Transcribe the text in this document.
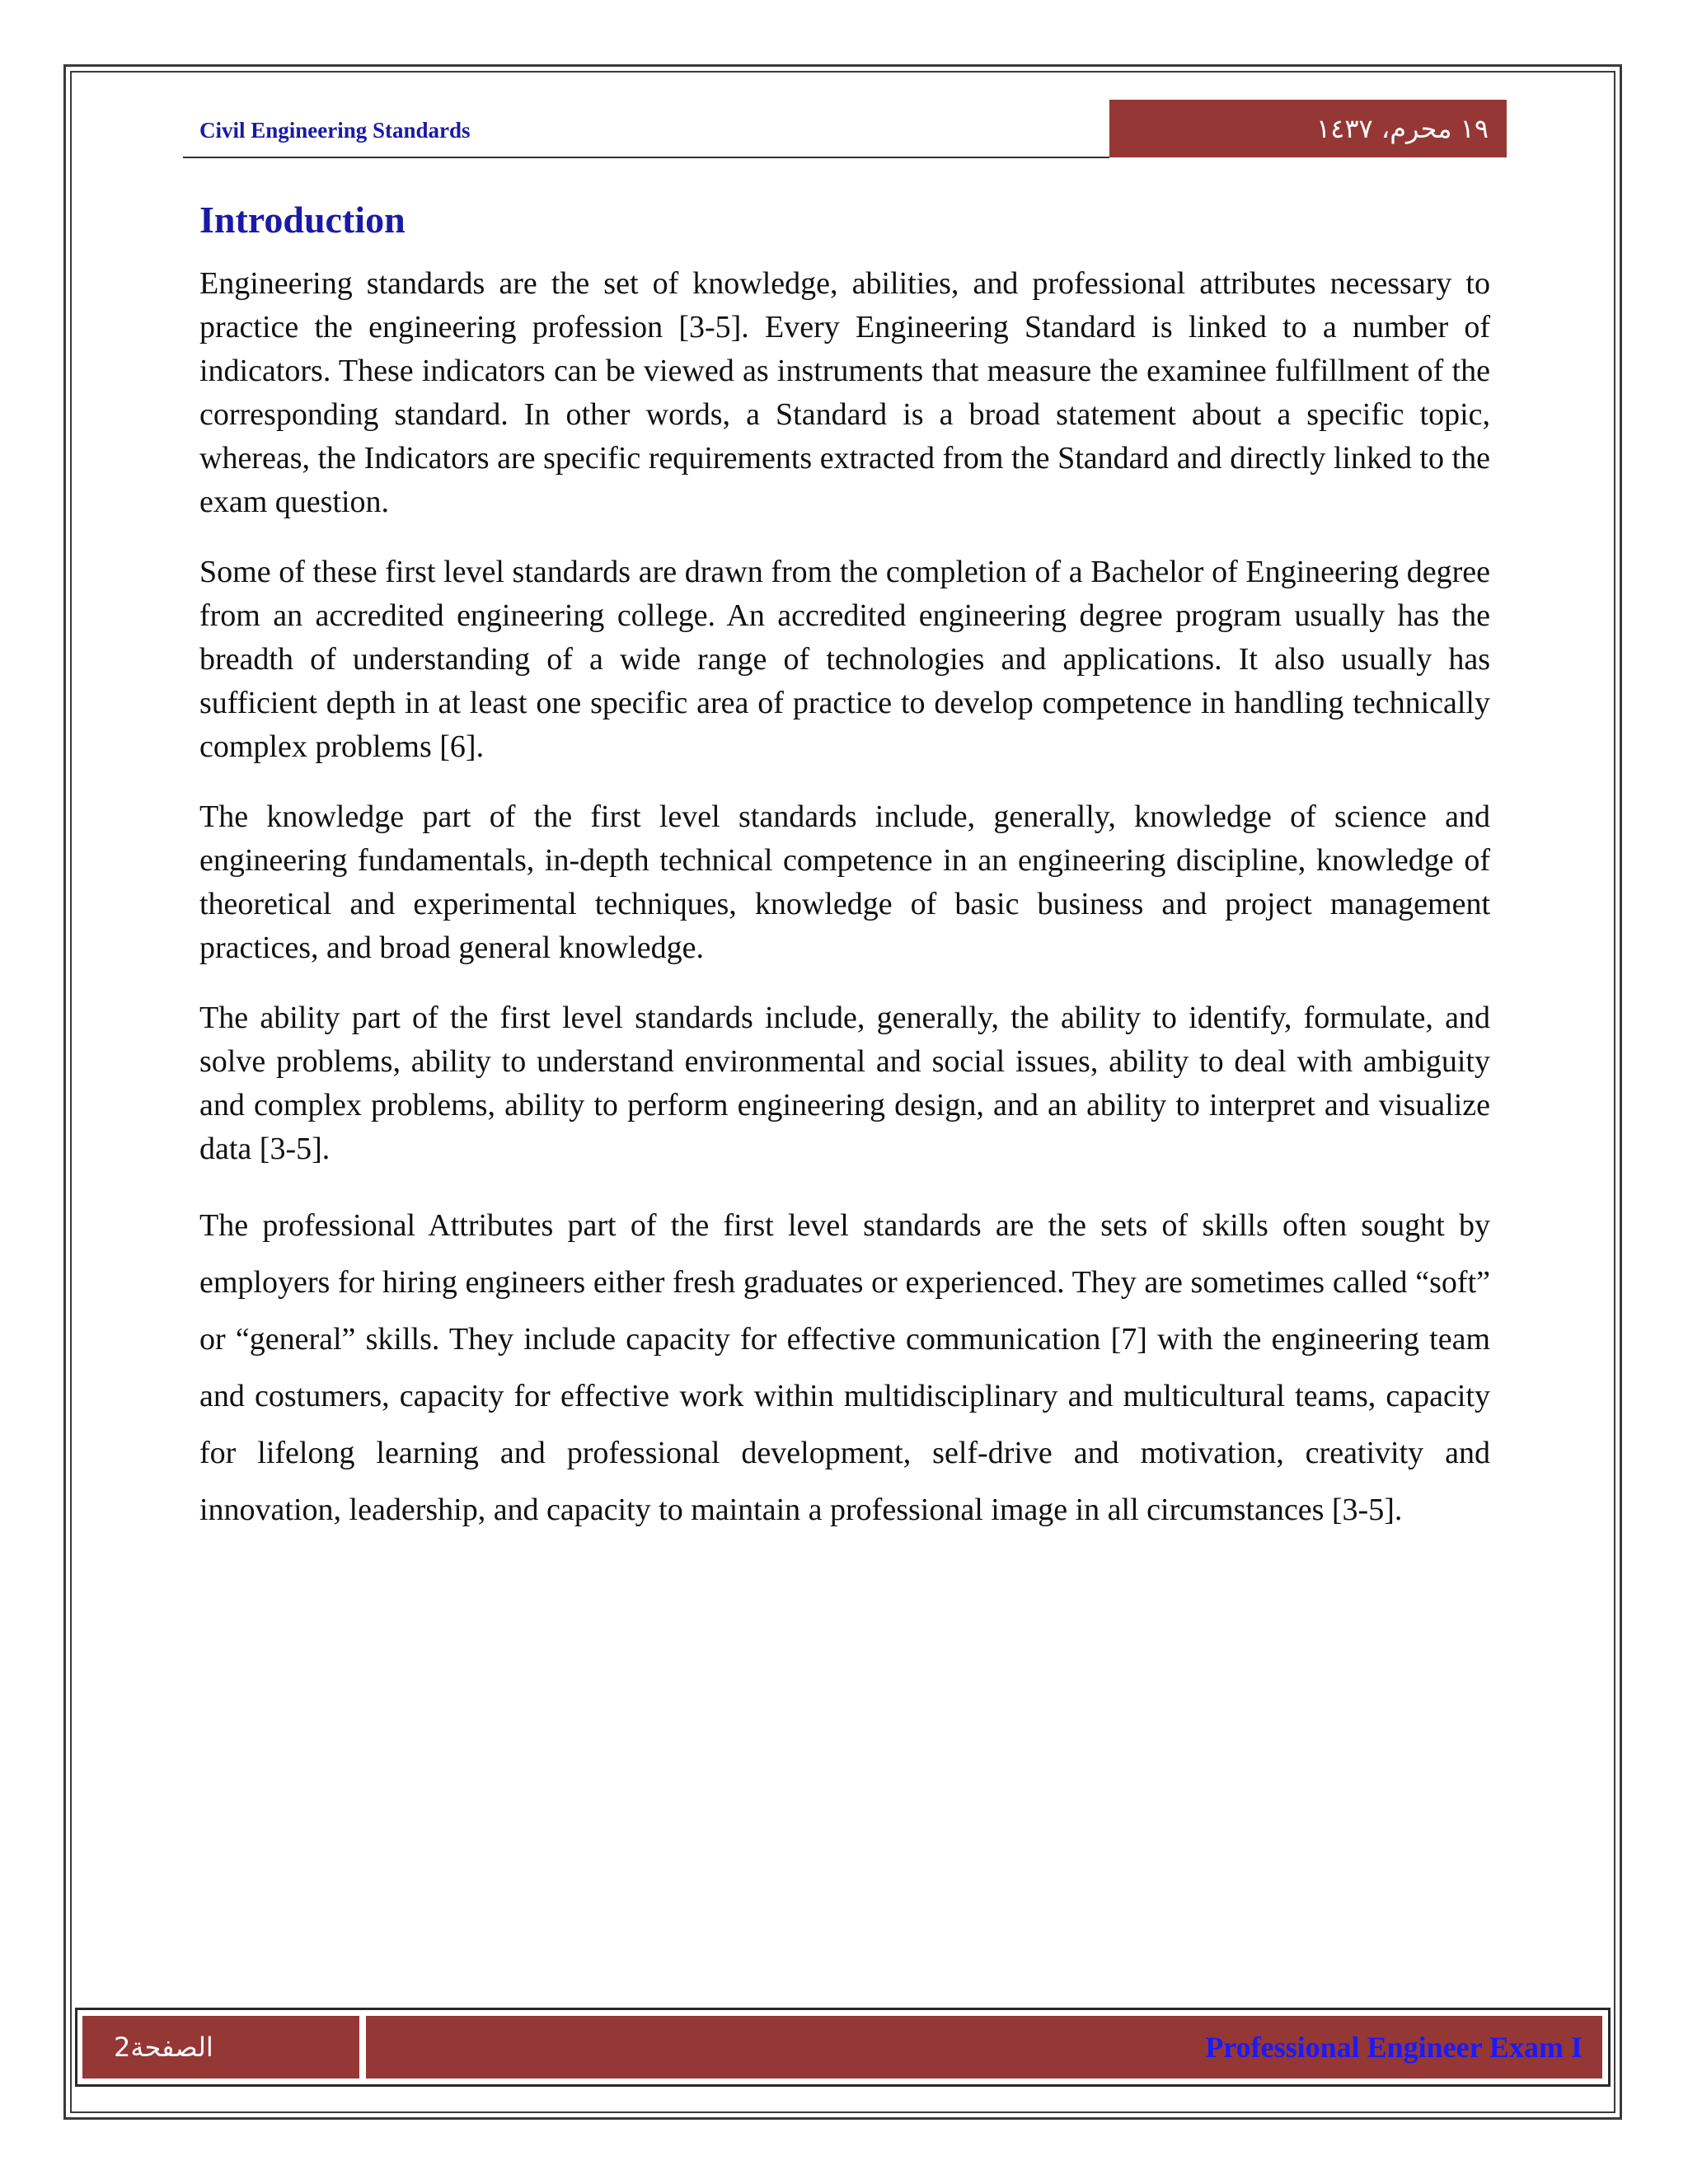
Civil Engineering Standards	١٩ محرم، ١٤٣٧
Introduction

Engineering standards are the set of knowledge, abilities, and professional attributes necessary to practice the engineering profession [3-5]. Every Engineering Standard is linked to a number of indicators. These indicators can be viewed as instruments that measure the examinee fulfillment of the corresponding standard. In other words, a Standard is a broad statement about a specific topic, whereas, the Indicators are specific requirements extracted from the Standard and directly linked to the exam question.

Some of these first level standards are drawn from the completion of a Bachelor of Engineering degree from an accredited engineering college. An accredited engineering degree program usually has the breadth of understanding of a wide range of technologies and applications. It also usually has sufficient depth in at least one specific area of practice to develop competence in handling technically complex problems [6].

The knowledge part of the first level standards include, generally, knowledge of science and engineering fundamentals, in-depth technical competence in an engineering discipline, knowledge of theoretical and experimental techniques, knowledge of basic business and project management practices, and broad general knowledge.

The ability part of the first level standards include, generally, the ability to identify, formulate, and solve problems, ability to understand environmental and social issues, ability to deal with ambiguity and complex problems, ability to perform engineering design, and an ability to interpret and visualize data [3-5].

The professional Attributes part of the first level standards are the sets of skills often sought by employers for hiring engineers either fresh graduates or experienced. They are sometimes called “soft” or “general” skills. They include capacity for effective communication [7] with the engineering team and costumers, capacity for effective work within multidisciplinary and multicultural teams, capacity for lifelong learning and professional development, self-drive and motivation, creativity and innovation, leadership, and capacity to maintain a professional image in all circumstances [3-5].

2الصفحة	Professional Engineer Exam I
